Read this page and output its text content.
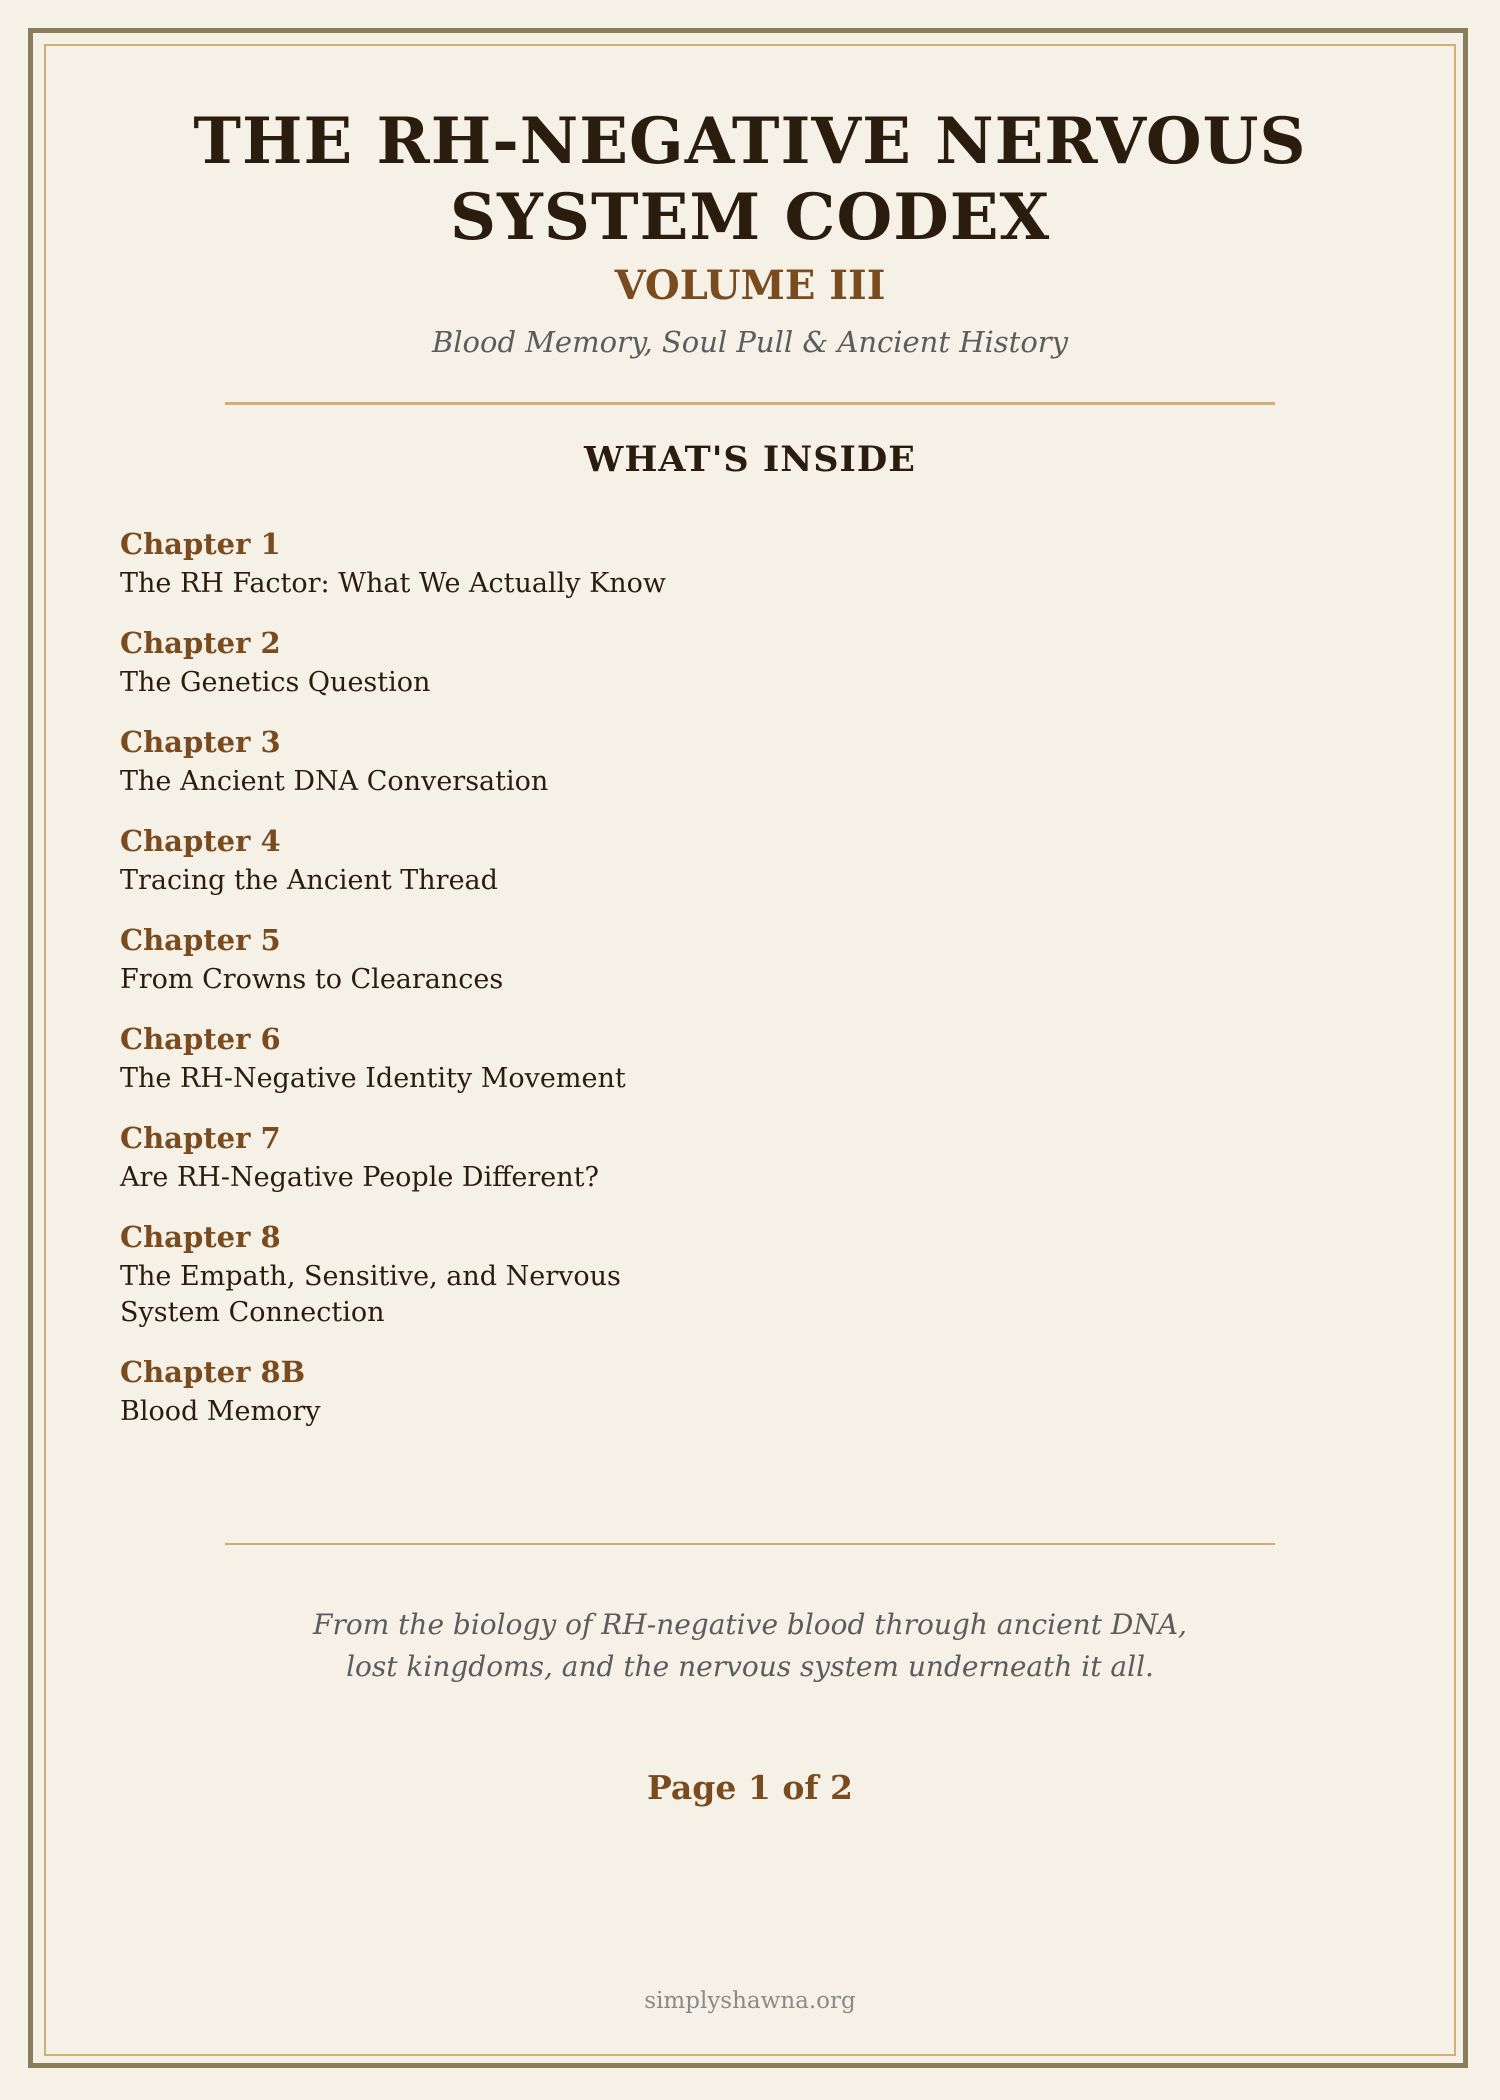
THE RH-NEGATIVE NERVOUS
SYSTEM CODEX
VOLUME III
Blood Memory, Soul Pull & Ancient History
WHAT'S INSIDE
Chapter 1
The RH Factor: What We Actually Know
Chapter 2
The Genetics Question
Chapter 3
The Ancient DNA Conversation
Chapter 4
Tracing the Ancient Thread
Chapter 5
From Crowns to Clearances
Chapter 6
The RH-Negative Identity Movement
Chapter 7
Are RH-Negative People Different?
Chapter 8
The Empath, Sensitive, and Nervous System Connection
Chapter 8B
Blood Memory
From the biology of RH-negative blood through ancient DNA,
lost kingdoms, and the nervous system underneath it all.
Page 1 of 2
simplyshawna.org
